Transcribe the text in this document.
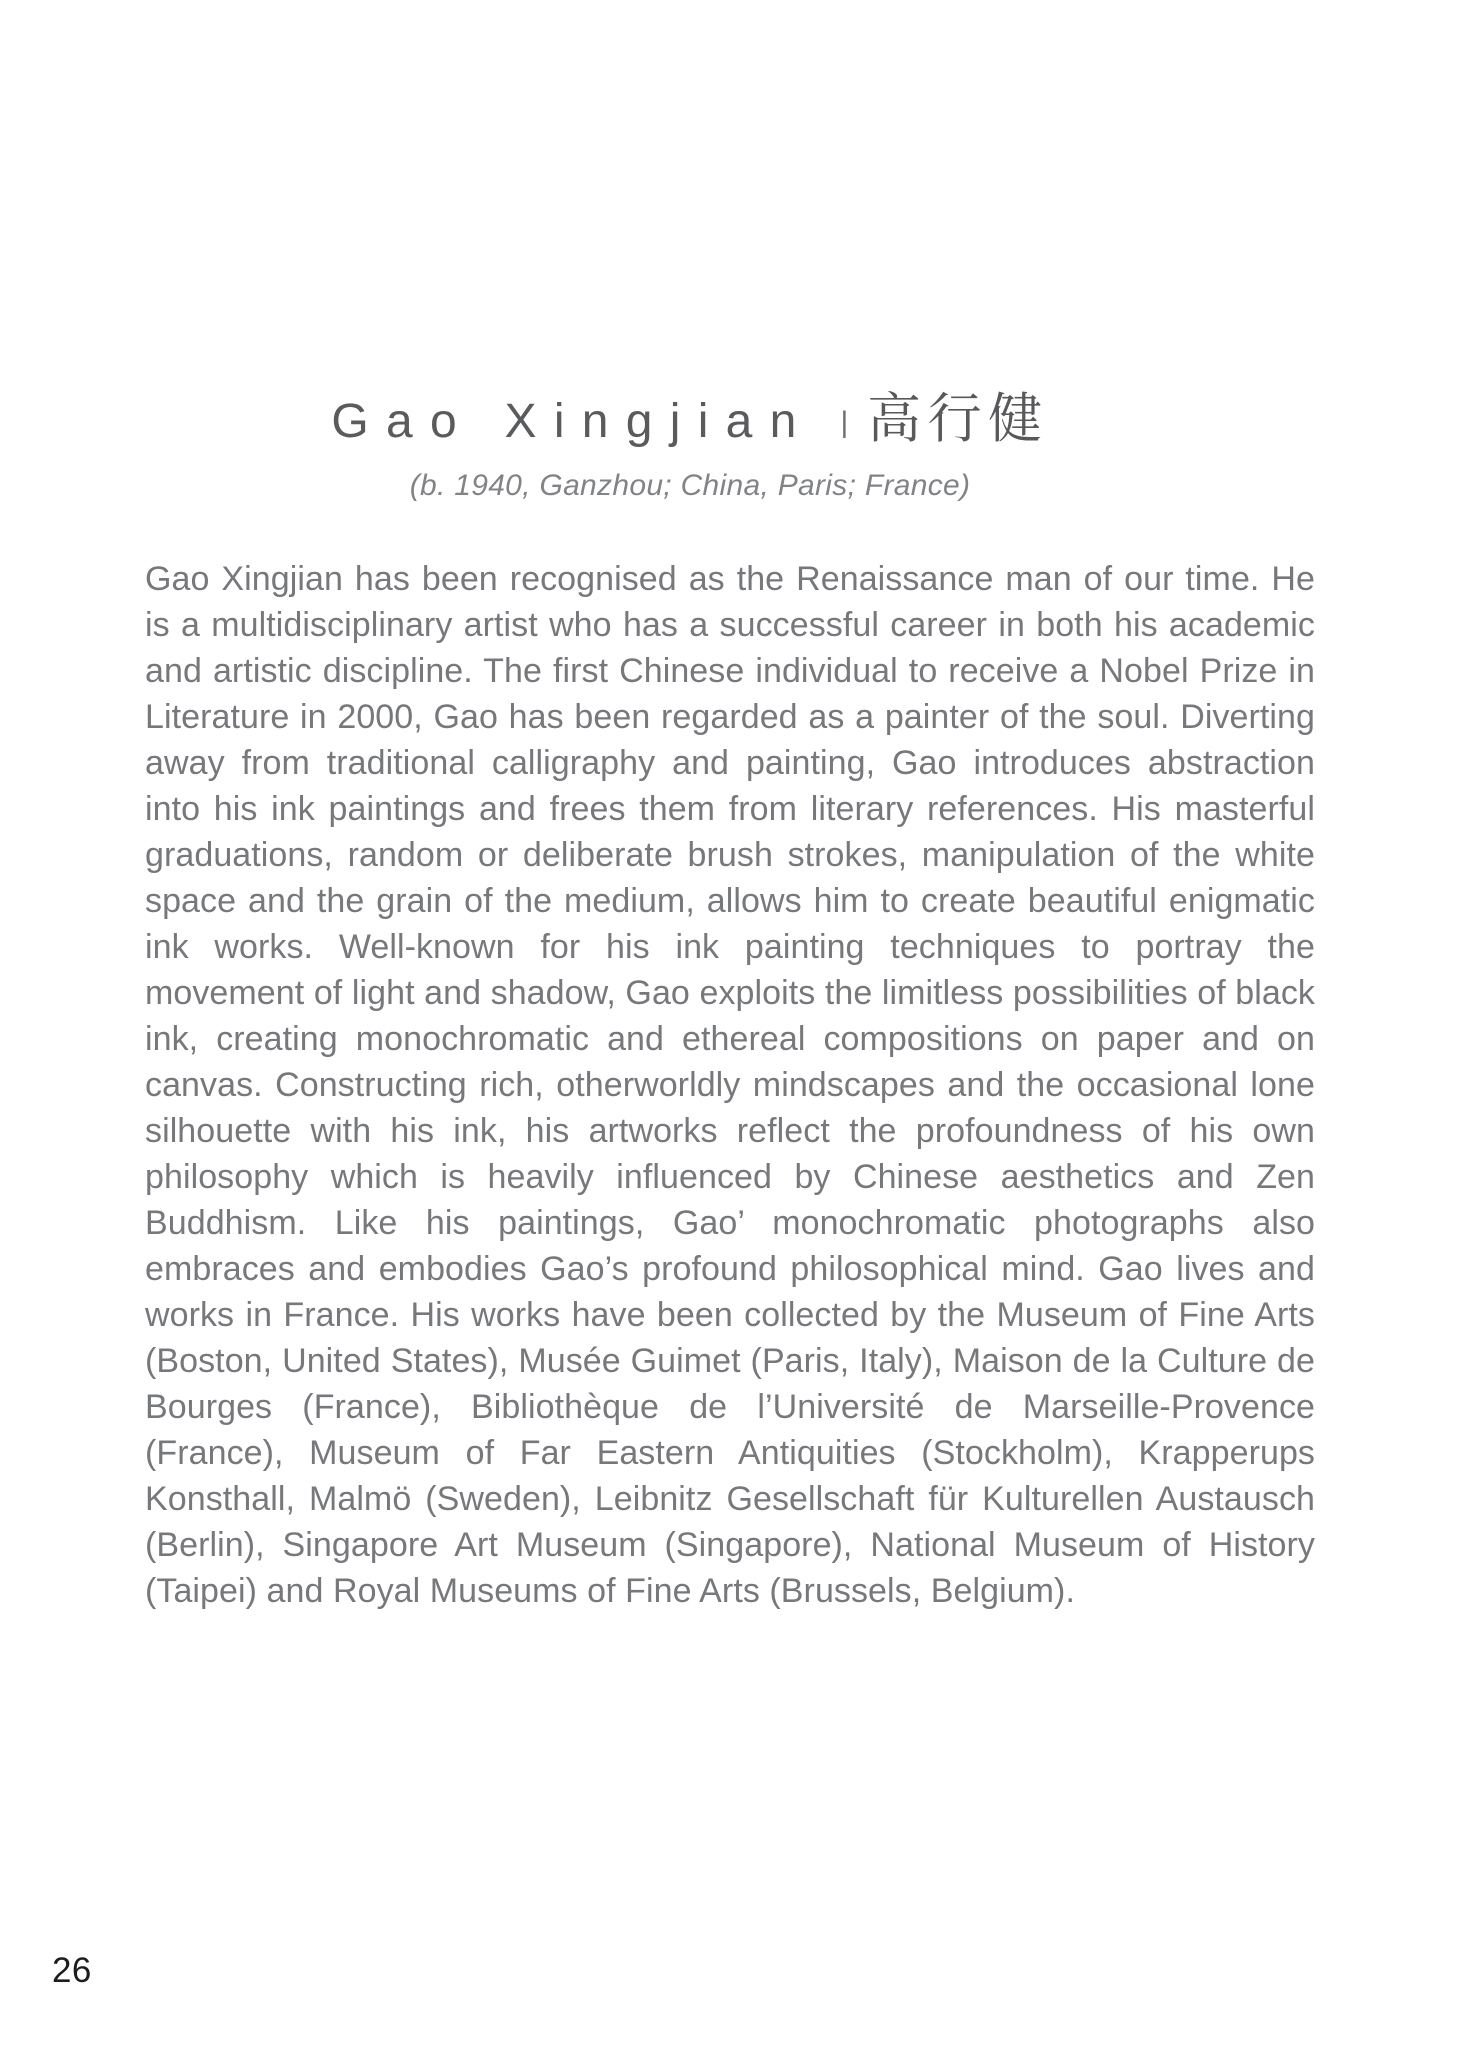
Gao Xingjian | 高行健

(b. 1940, Ganzhou; China, Paris; France)

Gao Xingjian has been recognised as the Renaissance man of our time. He is a multidisciplinary artist who has a successful career in both his academic and artistic discipline. The first Chinese individual to receive a Nobel Prize in Literature in 2000, Gao has been regarded as a painter of the soul. Diverting away from traditional calligraphy and painting, Gao introduces abstraction into his ink paintings and frees them from literary references. His masterful graduations, random or deliberate brush strokes, manipulation of the white space and the grain of the medium, allows him to create beautiful enigmatic ink works. Well-known for his ink painting techniques to portray the movement of light and shadow, Gao exploits the limitless possibilities of black ink, creating monochromatic and ethereal compositions on paper and on canvas. Constructing rich, otherworldly mindscapes and the occasional lone silhouette with his ink, his artworks reflect the profoundness of his own philosophy which is heavily influenced by Chinese aesthetics and Zen Buddhism. Like his paintings, Gao’ monochromatic photographs also embraces and embodies Gao’s profound philosophical mind. Gao lives and works in France. His works have been collected by the Museum of Fine Arts (Boston, United States), Musée Guimet (Paris, Italy), Maison de la Culture de Bourges (France), Bibliothèque de l’Université de Marseille-Provence (France), Museum of Far Eastern Antiquities (Stockholm), Krapperups Konsthall, Malmö (Sweden), Leibnitz Gesellschaft für Kulturellen Austausch (Berlin), Singapore Art Museum (Singapore), National Museum of History (Taipei) and Royal Museums of Fine Arts (Brussels, Belgium).

26
